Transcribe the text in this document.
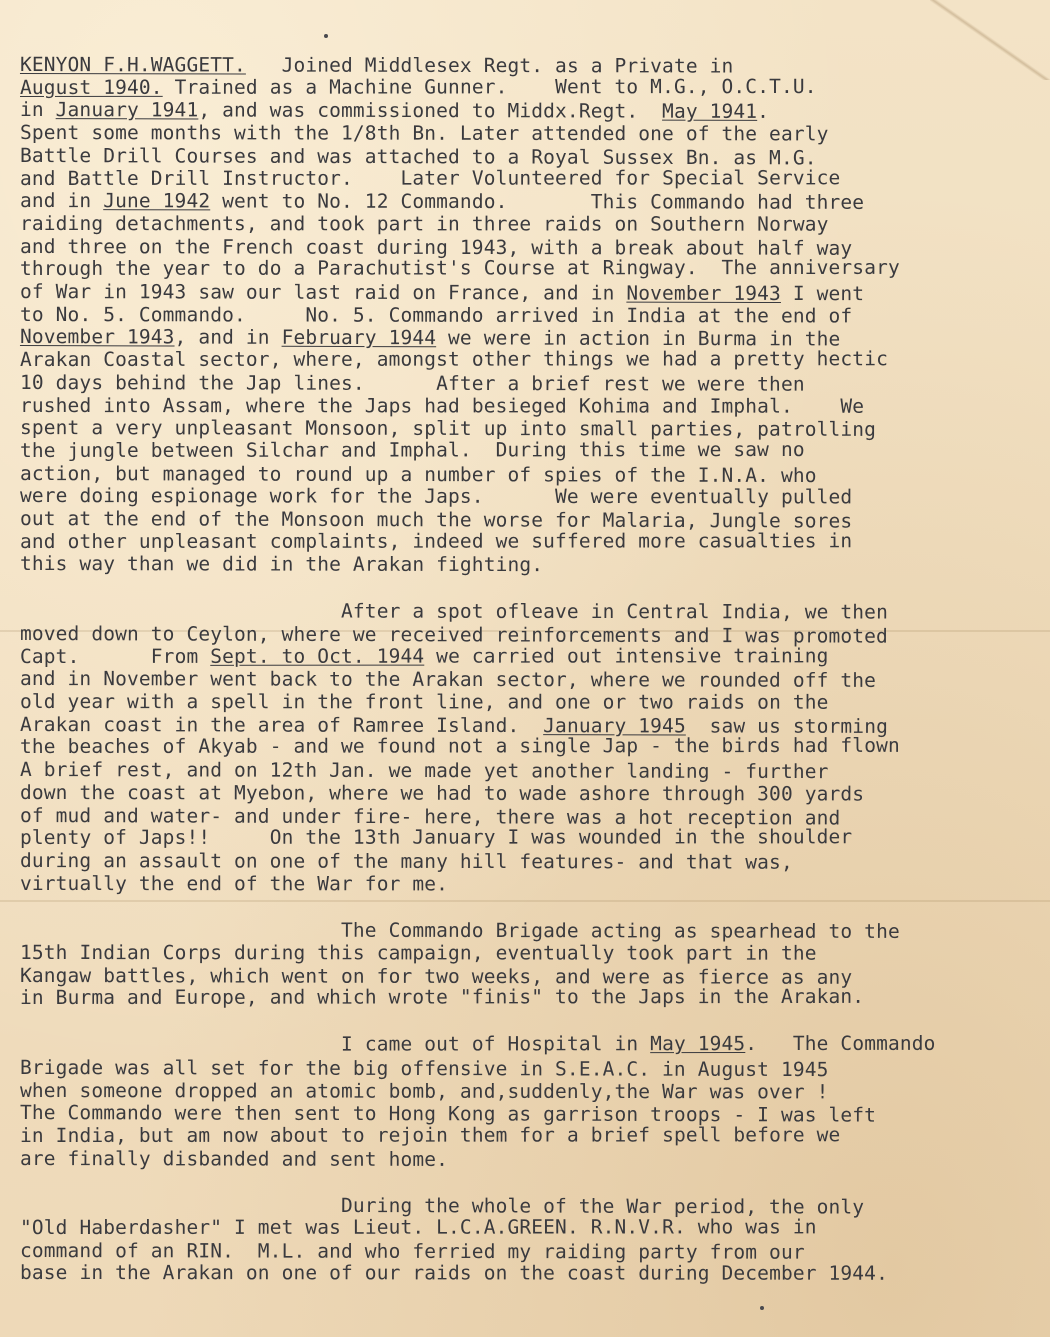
KENYON F.H.WAGGETT.   Joined Middlesex Regt. as a Private in
August 1940. Trained as a Machine Gunner.    Went to M.G., O.C.T.U.
in January 1941, and was commissioned to Middx.Regt.  May 1941.
Spent some months with the 1/8th Bn. Later attended one of the early
Battle Drill Courses and was attached to a Royal Sussex Bn. as M.G.
and Battle Drill Instructor.    Later Volunteered for Special Service
and in June 1942 went to No. 12 Commando.       This Commando had three
raiding detachments, and took part in three raids on Southern Norway
and three on the French coast during 1943, with a break about half way
through the year to do a Parachutist's Course at Ringway.  The anniversary
of War in 1943 saw our last raid on France, and in November 1943 I went
to No. 5. Commando.     No. 5. Commando arrived in India at the end of
November 1943, and in February 1944 we were in action in Burma in the
Arakan Coastal sector, where, amongst other things we had a pretty hectic
10 days behind the Jap lines.      After a brief rest we were then
rushed into Assam, where the Japs had besieged Kohima and Imphal.    We
spent a very unpleasant Monsoon, split up into small parties, patrolling
the jungle between Silchar and Imphal.  During this time we saw no
action, but managed to round up a number of spies of the I.N.A. who
were doing espionage work for the Japs.      We were eventually pulled
out at the end of the Monsoon much the worse for Malaria, Jungle sores
and other unpleasant complaints, indeed we suffered more casualties in
this way than we did in the Arakan fighting.
After a spot ofleave in Central India, we then
moved down to Ceylon, where we received reinforcements and I was promoted
Capt.      From Sept. to Oct. 1944 we carried out intensive training
and in November went back to the Arakan sector, where we rounded off the
old year with a spell in the front line, and one or two raids on the
Arakan coast in the area of Ramree Island.  January 1945  saw us storming
the beaches of Akyab - and we found not a single Jap - the birds had flown
A brief rest, and on 12th Jan. we made yet another landing - further
down the coast at Myebon, where we had to wade ashore through 300 yards
of mud and water- and under fire- here, there was a hot reception and
plenty of Japs!!     On the 13th January I was wounded in the shoulder
during an assault on one of the many hill features- and that was,
virtually the end of the War for me.
The Commando Brigade acting as spearhead to the
15th Indian Corps during this campaign, eventually took part in the
Kangaw battles, which went on for two weeks, and were as fierce as any
in Burma and Europe, and which wrote "finis" to the Japs in the Arakan.
I came out of Hospital in May 1945.   The Commando
Brigade was all set for the big offensive in S.E.A.C. in August 1945
when someone dropped an atomic bomb, and,suddenly,the War was over !
The Commando were then sent to Hong Kong as garrison troops - I was left
in India, but am now about to rejoin them for a brief spell before we
are finally disbanded and sent home.
During the whole of the War period, the only
"Old Haberdasher" I met was Lieut. L.C.A.GREEN. R.N.V.R. who was in
command of an RIN.  M.L. and who ferried my raiding party from our
base in the Arakan on one of our raids on the coast during December 1944.
